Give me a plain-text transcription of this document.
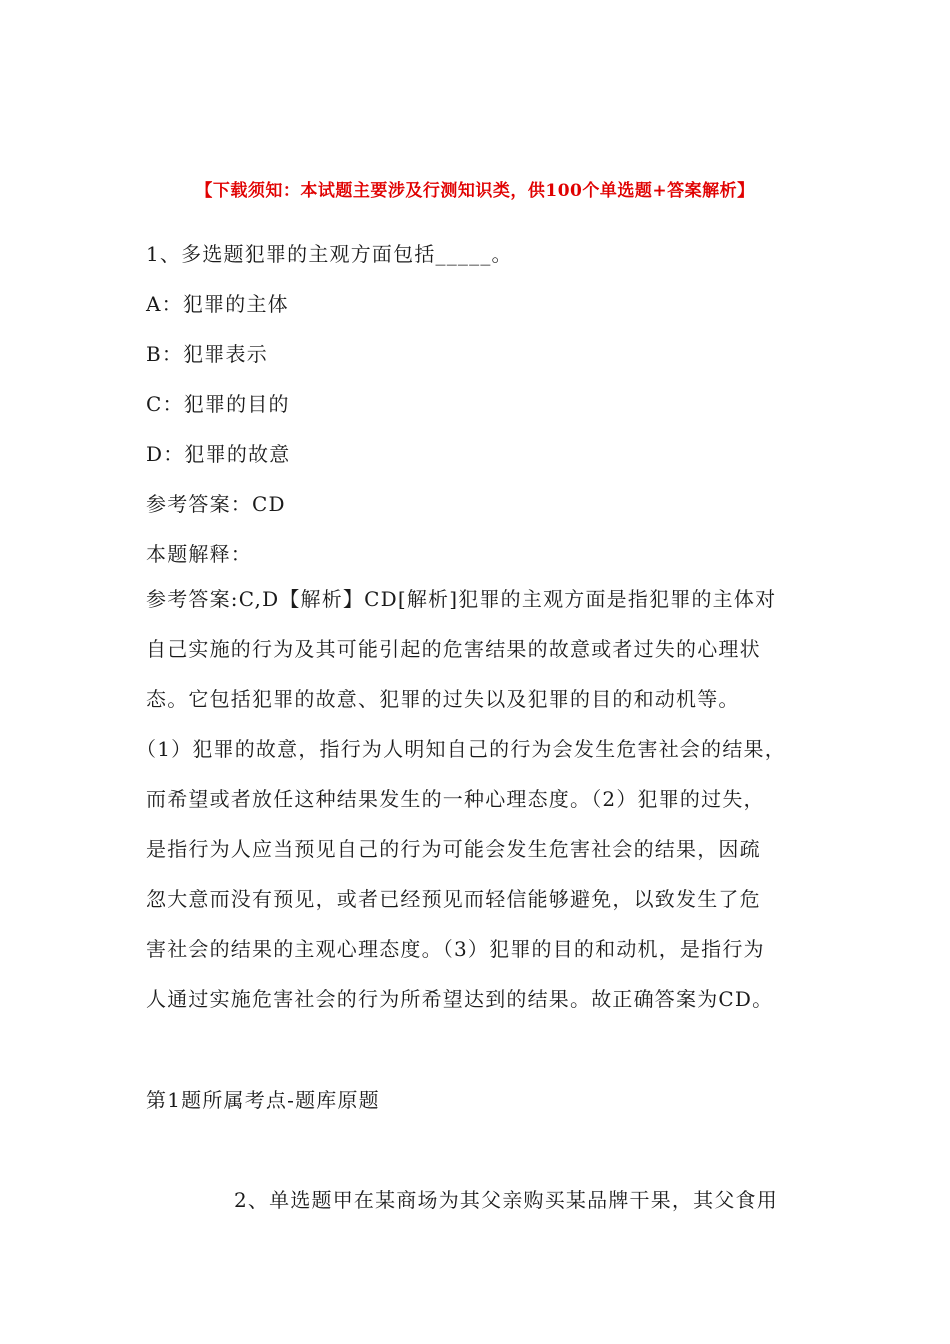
【下载须知：本试题主要涉及行测知识类，供100个单选题+答案解析】
1、多选题犯罪的主观方面包括_____。
A：犯罪的主体
B：犯罪表示
C：犯罪的目的
D：犯罪的故意
参考答案：CD
本题解释：
参考答案:C,D【解析】CD[解析]犯罪的主观方面是指犯罪的主体对
自己实施的行为及其可能引起的危害结果的故意或者过失的心理状
态。它包括犯罪的故意、犯罪的过失以及犯罪的目的和动机等。
（1）犯罪的故意，指行为人明知自己的行为会发生危害社会的结果，
而希望或者放任这种结果发生的一种心理态度。（2）犯罪的过失，
是指行为人应当预见自己的行为可能会发生危害社会的结果，因疏
忽大意而没有预见，或者已经预见而轻信能够避免，以致发生了危
害社会的结果的主观心理态度。（3）犯罪的目的和动机，是指行为
人通过实施危害社会的行为所希望达到的结果。故正确答案为CD。
第1题所属考点-题库原题
2、单选题甲在某商场为其父亲购买某品牌干果，其父食用
